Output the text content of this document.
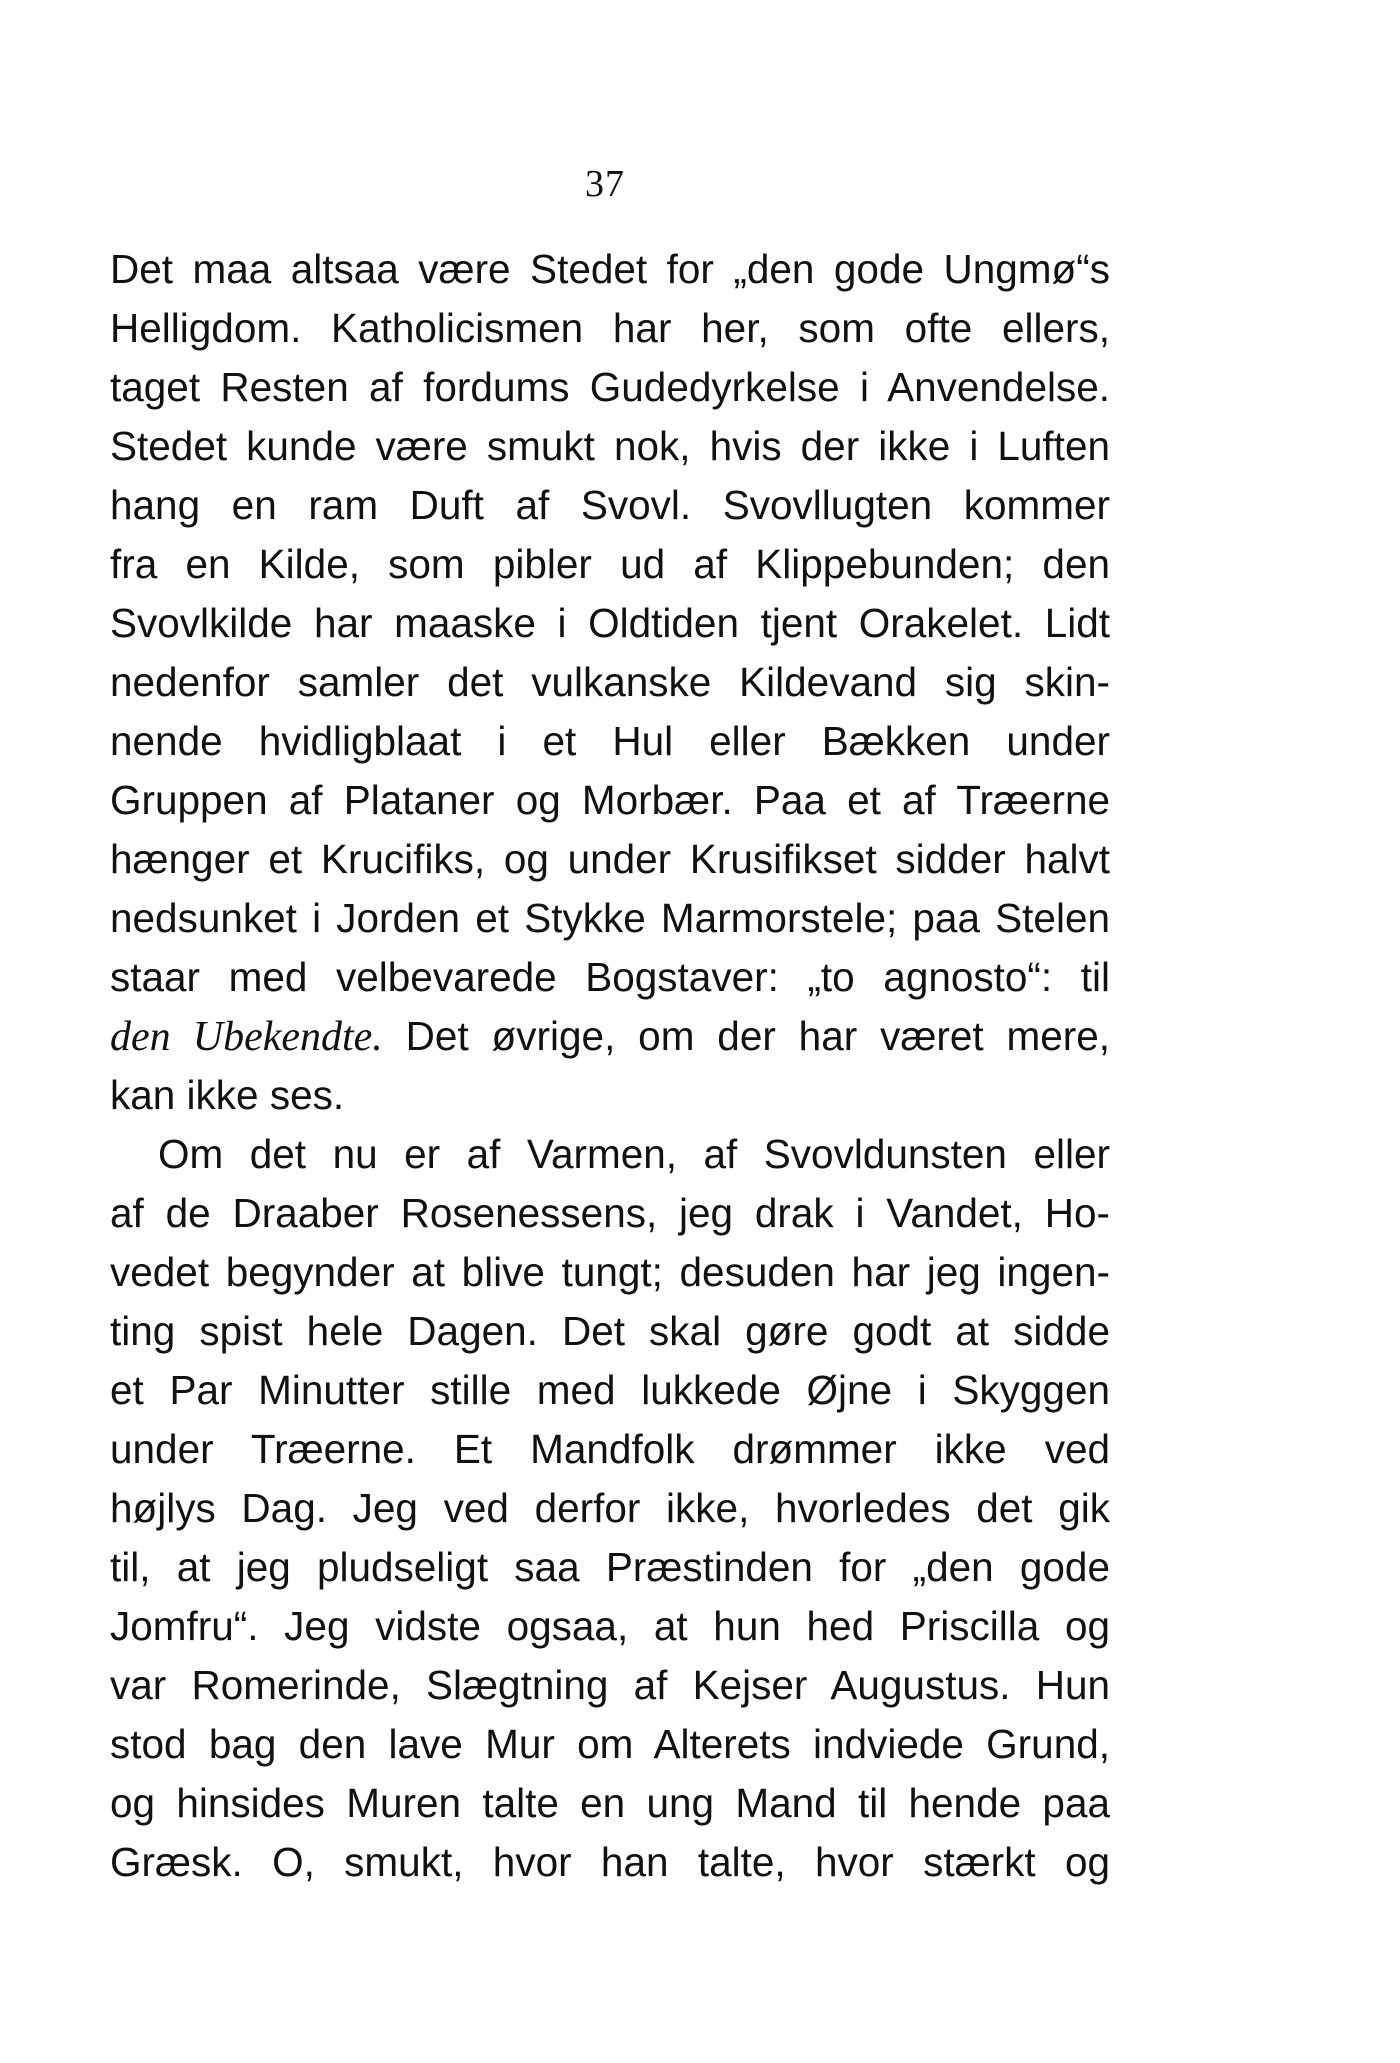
37
Det maa altsaa være Stedet for „den gode Ungmø“s
Helligdom. Katholicismen har her, som ofte ellers,
taget Resten af fordums Gudedyrkelse i Anvendelse.
Stedet kunde være smukt nok, hvis der ikke i Luften
hang en ram Duft af Svovl. Svovllugten kommer
fra en Kilde, som pibler ud af Klippebunden; den
Svovlkilde har maaske i Oldtiden tjent Orakelet. Lidt
nedenfor samler det vulkanske Kildevand sig skin-
nende hvidligblaat i et Hul eller Bækken under
Gruppen af Plataner og Morbær. Paa et af Træerne
hænger et Krucifiks, og under Krusifikset sidder halvt
nedsunket i Jorden et Stykke Marmorstele; paa Stelen
staar med velbevarede Bogstaver: „to agnosto“: til
den Ubekendte. Det øvrige, om der har været mere,
kan ikke ses.
Om det nu er af Varmen, af Svovldunsten eller
af de Draaber Rosenessens, jeg drak i Vandet, Ho-
vedet begynder at blive tungt; desuden har jeg ingen-
ting spist hele Dagen. Det skal gøre godt at sidde
et Par Minutter stille med lukkede Øjne i Skyggen
under Træerne. Et Mandfolk drømmer ikke ved
højlys Dag. Jeg ved derfor ikke, hvorledes det gik
til, at jeg pludseligt saa Præstinden for „den gode
Jomfru“. Jeg vidste ogsaa, at hun hed Priscilla og
var Romerinde, Slægtning af Kejser Augustus. Hun
stod bag den lave Mur om Alterets indviede Grund,
og hinsides Muren talte en ung Mand til hende paa
Græsk. O, smukt, hvor han talte, hvor stærkt og
